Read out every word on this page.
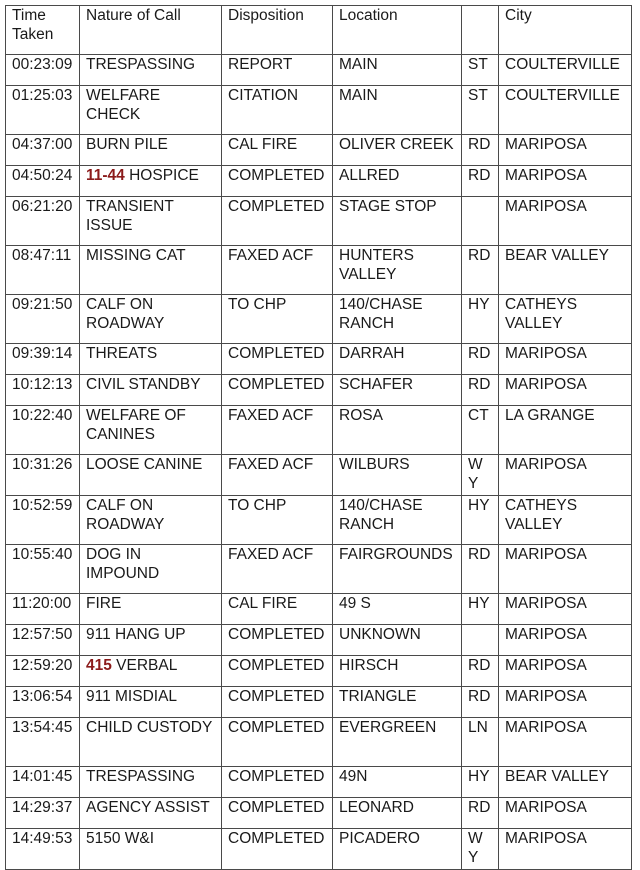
Time Taken	Nature of Call	Disposition	Location		City
00:23:09	TRESPASSING	REPORT	MAIN	ST	COULTERVILLE
01:25:03	WELFARE CHECK	CITATION	MAIN	ST	COULTERVILLE
04:37:00	BURN PILE	CAL FIRE	OLIVER CREEK	RD	MARIPOSA
04:50:24	11-44 HOSPICE	COMPLETED	ALLRED	RD	MARIPOSA
06:21:20	TRANSIENT ISSUE	COMPLETED	STAGE STOP		MARIPOSA
08:47:11	MISSING CAT	FAXED ACF	HUNTERS VALLEY	RD	BEAR VALLEY
09:21:50	CALF ON ROADWAY	TO CHP	140/CHASE RANCH	HY	CATHEYS VALLEY
09:39:14	THREATS	COMPLETED	DARRAH	RD	MARIPOSA
10:12:13	CIVIL STANDBY	COMPLETED	SCHAFER	RD	MARIPOSA
10:22:40	WELFARE OF CANINES	FAXED ACF	ROSA	CT	LA GRANGE
10:31:26	LOOSE CANINE	FAXED ACF	WILBURS	WY	MARIPOSA
10:52:59	CALF ON ROADWAY	TO CHP	140/CHASE RANCH	HY	CATHEYS VALLEY
10:55:40	DOG IN IMPOUND	FAXED ACF	FAIRGROUNDS	RD	MARIPOSA
11:20:00	FIRE	CAL FIRE	49 S	HY	MARIPOSA
12:57:50	911 HANG UP	COMPLETED	UNKNOWN		MARIPOSA
12:59:20	415 VERBAL	COMPLETED	HIRSCH	RD	MARIPOSA
13:06:54	911 MISDIAL	COMPLETED	TRIANGLE	RD	MARIPOSA
13:54:45	CHILD CUSTODY	COMPLETED	EVERGREEN	LN	MARIPOSA
14:01:45	TRESPASSING	COMPLETED	49N	HY	BEAR VALLEY
14:29:37	AGENCY ASSIST	COMPLETED	LEONARD	RD	MARIPOSA
14:49:53	5150 W&I	COMPLETED	PICADERO	WY	MARIPOSA
